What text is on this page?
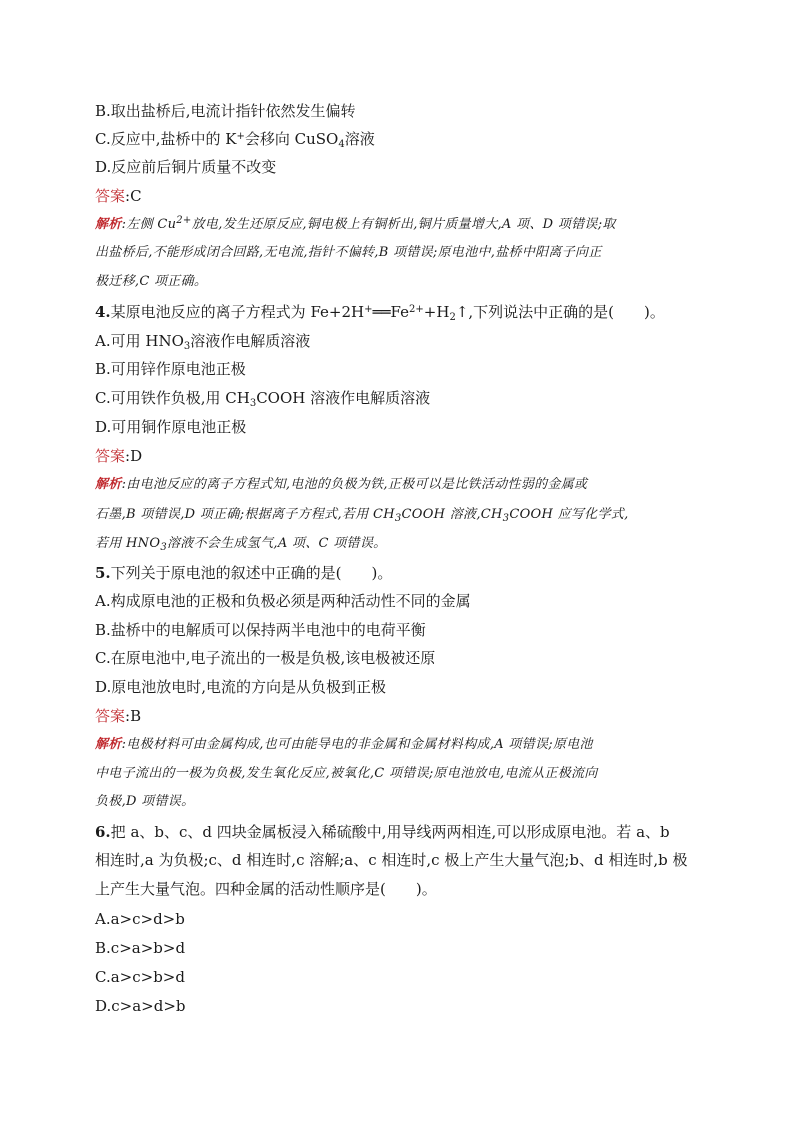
B.取出盐桥后,电流计指针依然发生偏转
C.反应中,盐桥中的 K+会移向 CuSO$_4$溶液
D.反应前后铜片质量不改变
答案:C
解析:左侧 $Cu^{2+}$放电,发生还原反应,铜电极上有铜析出,铜片质量增大,A 项、D 项错误;取
出盐桥后,不能形成闭合回路,无电流,指针不偏转,B 项错误;原电池中,盐桥中阳离子向正
极迁移,C 项正确。
4.某原电池反应的离子方程式为 $Fe+2H^+══Fe^{2+}+H_2↑$,下列说法中正确的是(　　)。
A.可用 $HNO_3$溶液作电解质溶液
B.可用锌作原电池正极
C.可用铁作负极,用 $CH_3COOH$ 溶液作电解质溶液
D.可用铜作原电池正极
答案:D
解析:由电池反应的离子方程式知,电池的负极为铁,正极可以是比铁活动性弱的金属或
石墨,B 项错误,D 项正确;根据离子方程式,若用 $CH_3COOH$ 溶液$,CH_3COOH$ 应写化学式,
若用 $HNO_3$溶液不会生成氢气,A 项、C 项错误。
5.下列关于原电池的叙述中正确的是(　　)。
A.构成原电池的正极和负极必须是两种活动性不同的金属
B.盐桥中的电解质可以保持两半电池中的电荷平衡
C.在原电池中,电子流出的一极是负极,该电极被还原
D.原电池放电时,电流的方向是从负极到正极
答案:B
解析:电极材料可由金属构成,也可由能导电的非金属和金属材料构成,A 项错误;原电池
中电子流出的一极为负极,发生氧化反应,被氧化,C 项错误;原电池放电,电流从正极流向
负极,D 项错误。
6.把 a、b、c、d 四块金属板浸入稀硫酸中,用导线两两相连,可以形成原电池。若 a、b
相连时,a 为负极;c、d 相连时,c 溶解;a、c 相连时,c 极上产生大量气泡;b、d 相连时,b 极
上产生大量气泡。四种金属的活动性顺序是(　　)。
A.a>c>d>b
B.c>a>b>d
C.a>c>b>d
D.c>a>d>b
